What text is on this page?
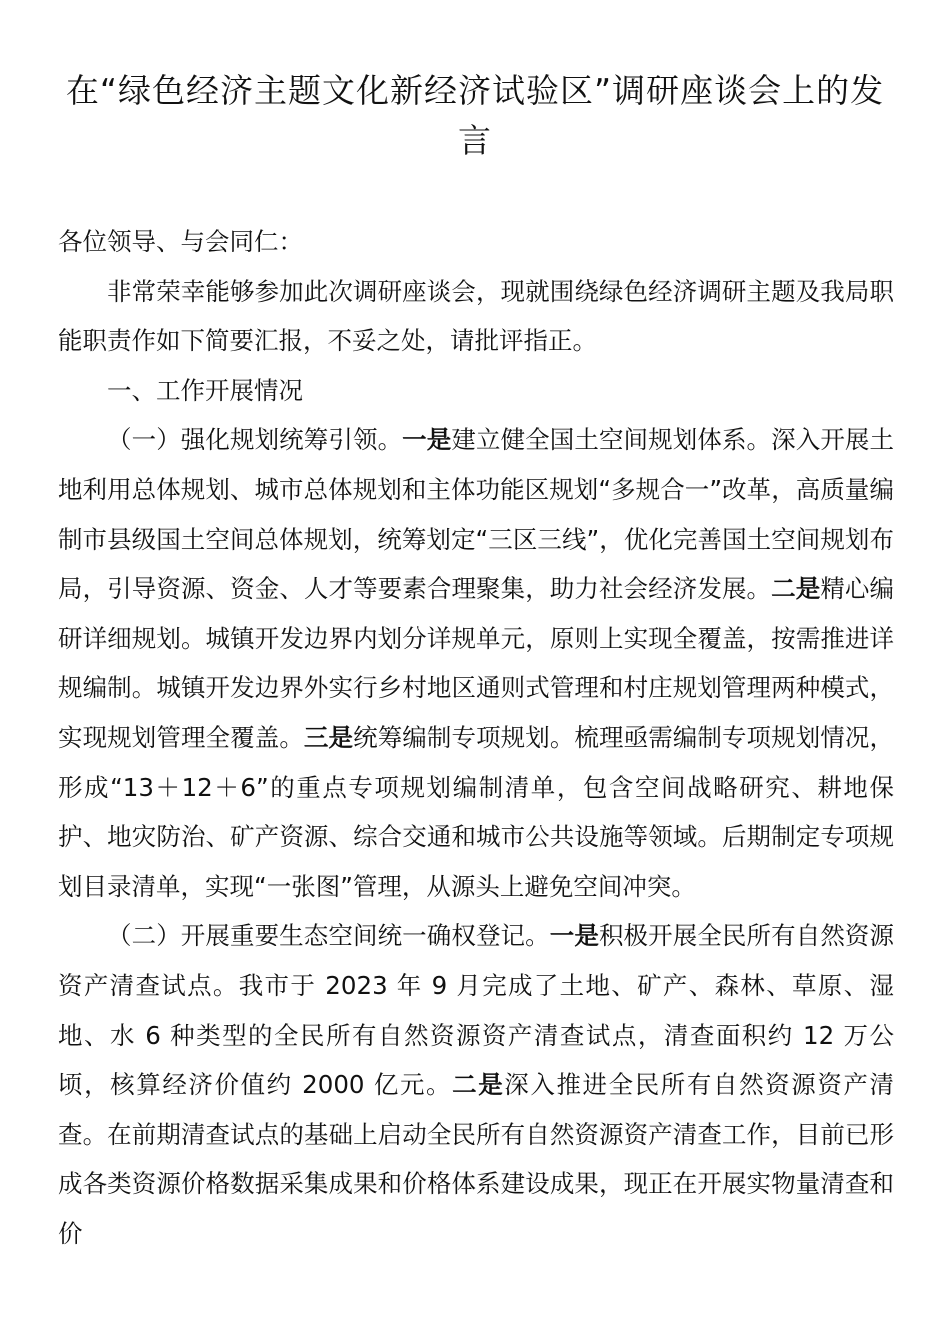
在“绿色经济主题文化新经济试验区”调研座谈会上的发言

各位领导、与会同仁：

非常荣幸能够参加此次调研座谈会，现就围绕绿色经济调研主题及我局职能职责作如下简要汇报，不妥之处，请批评指正。

一、工作开展情况

（一）强化规划统筹引领。一是建立健全国土空间规划体系。深入开展土地利用总体规划、城市总体规划和主体功能区规划“多规合一”改革，高质量编制市县级国土空间总体规划，统筹划定“三区三线”，优化完善国土空间规划布局，引导资源、资金、人才等要素合理聚集，助力社会经济发展。二是精心编研详细规划。城镇开发边界内划分详规单元，原则上实现全覆盖，按需推进详规编制。城镇开发边界外实行乡村地区通则式管理和村庄规划管理两种模式，实现规划管理全覆盖。三是统筹编制专项规划。梳理亟需编制专项规划情况，形成“13＋12＋6”的重点专项规划编制清单，包含空间战略研究、耕地保护、地灾防治、矿产资源、综合交通和城市公共设施等领域。后期制定专项规划目录清单，实现“一张图”管理，从源头上避免空间冲突。

（二）开展重要生态空间统一确权登记。一是积极开展全民所有自然资源资产清查试点。我市于 2023 年 9 月完成了土地、矿产、森林、草原、湿地、水 6 种类型的全民所有自然资源资产清查试点，清查面积约 12 万公顷，核算经济价值约 2000 亿元。二是深入推进全民所有自然资源资产清查。在前期清查试点的基础上启动全民所有自然资源资产清查工作，目前已形成各类资源价格数据采集成果和价格体系建设成果，现正在开展实物量清查和价
